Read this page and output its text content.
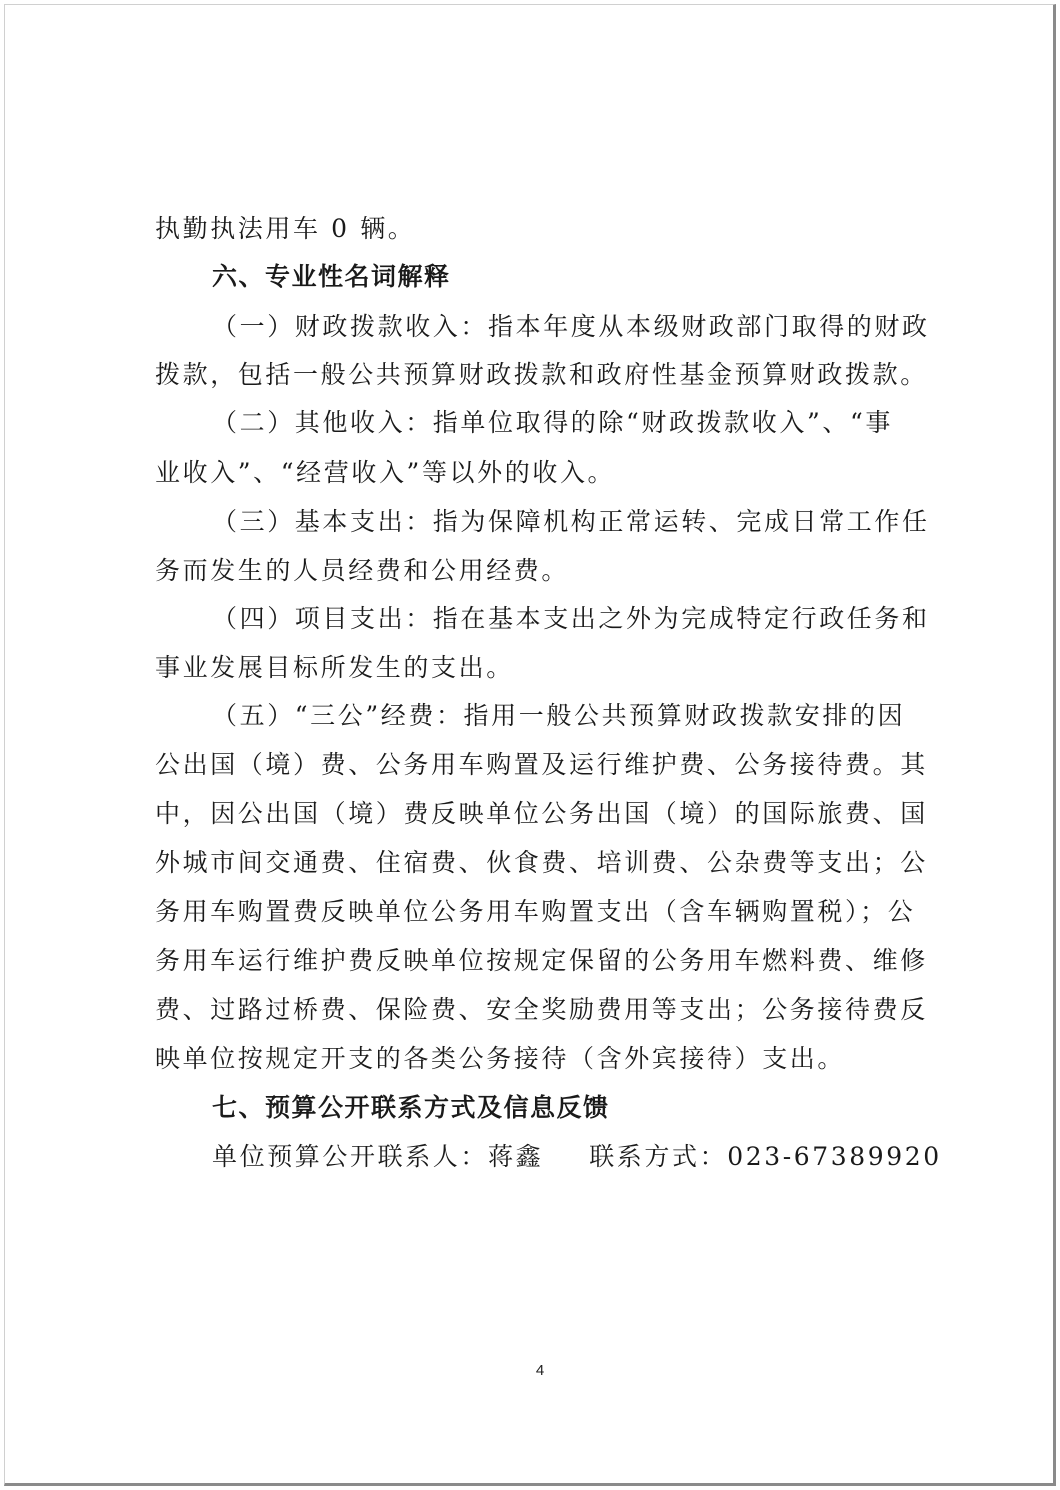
执勤执法用车 0 辆。
六、专业性名词解释
（一）财政拨款收入：指本年度从本级财政部门取得的财政
拨款，包括一般公共预算财政拨款和政府性基金预算财政拨款。
（二）其他收入：指单位取得的除“财政拨款收入”、“事
业收入”、“经营收入”等以外的收入。
（三）基本支出：指为保障机构正常运转、完成日常工作任
务而发生的人员经费和公用经费。
（四）项目支出：指在基本支出之外为完成特定行政任务和
事业发展目标所发生的支出。
（五）“三公”经费：指用一般公共预算财政拨款安排的因
公出国（境）费、公务用车购置及运行维护费、公务接待费。其
中，因公出国（境）费反映单位公务出国（境）的国际旅费、国
外城市间交通费、住宿费、伙食费、培训费、公杂费等支出；公
务用车购置费反映单位公务用车购置支出（含车辆购置税）；公
务用车运行维护费反映单位按规定保留的公务用车燃料费、维修
费、过路过桥费、保险费、安全奖励费用等支出；公务接待费反
映单位按规定开支的各类公务接待（含外宾接待）支出。
七、预算公开联系方式及信息反馈
单位预算公开联系人：蒋鑫 联系方式：023-67389920
4
